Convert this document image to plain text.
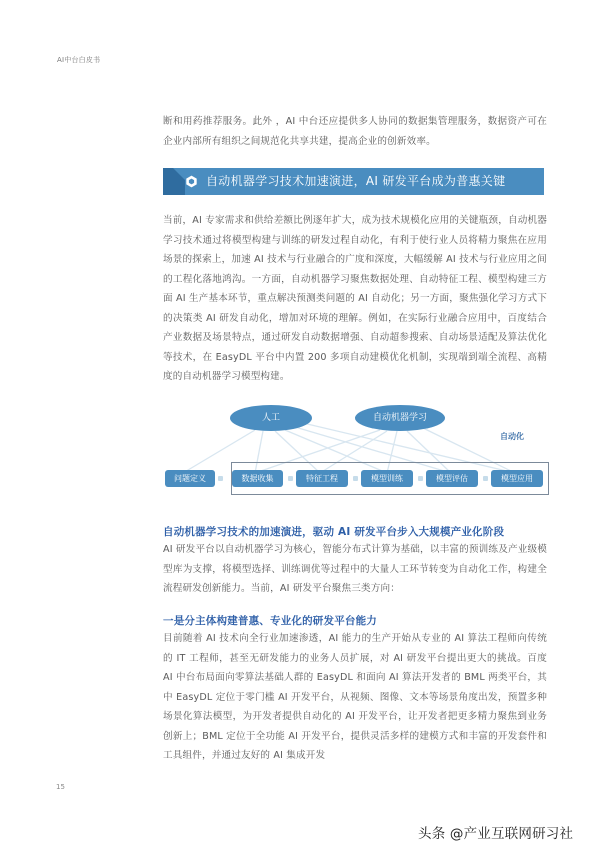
AI中台白皮书

断和用药推荐服务。此外 ，AI 中台还应提供多人协同的数据集管理服务，数据资产可在企业内部所有组织之间规范化共享共建，提高企业的创新效率。

自动机器学习技术加速演进，AI 研发平台成为普惠关键

当前，AI 专家需求和供给差额比例逐年扩大，成为技术规模化应用的关键瓶颈，自动机器学习技术通过将模型构建与训练的研发过程自动化，有利于使行业人员将精力聚焦在应用场景的探索上，加速 AI 技术与行业融合的广度和深度，大幅缓解 AI 技术与行业应用之间的工程化落地鸿沟。一方面，自动机器学习聚焦数据处理、自动特征工程、模型构建三方面 AI 生产基本环节，重点解决预测类问题的 AI 自动化；另一方面，聚焦强化学习方式下的决策类 AI 研发自动化，增加对环境的理解。例如，在实际行业融合应用中，百度结合产业数据及场景特点，通过研发自动数据增强、自动超参搜索、自动场景适配及算法优化等技术，在 EasyDL 平台中内置 200 多项自动建模优化机制，实现端到端全流程、高精度的自动机器学习模型构建。

人工	自动机器学习
自动化
问题定义	数据收集	特征工程	模型训练	模型评估	模型应用
自动机器学习技术的加速演进，驱动 AI 研发平台步入大规模产业化阶段

AI 研发平台以自动机器学习为核心，智能分布式计算为基础，以丰富的预训练及产业级模型库为支撑，将模型选择、训练调优等过程中的大量人工环节转变为自动化工作，构建全流程研发创新能力。当前，AI 研发平台聚焦三类方向：

一是分主体构建普惠、专业化的研发平台能力

目前随着 AI 技术向全行业加速渗透，AI 能力的生产开始从专业的 AI 算法工程师向传统的 IT 工程师，甚至无研发能力的业务人员扩展，对 AI 研发平台提出更大的挑战。百度 AI 中台布局面向零算法基础人群的 EasyDL 和面向 AI 算法开发者的 BML 两类平台，其中 EasyDL 定位于零门槛 AI 开发平台，从视频、图像、文本等场景角度出发，预置多种场景化算法模型，为开发者提供自动化的 AI 开发平台，让开发者把更多精力聚焦到业务创新上；BML 定位于全功能 AI 开发平台，提供灵活多样的建模方式和丰富的开发套件和工具组件，并通过友好的 AI 集成开发

15
头条 @产业互联网研习社
